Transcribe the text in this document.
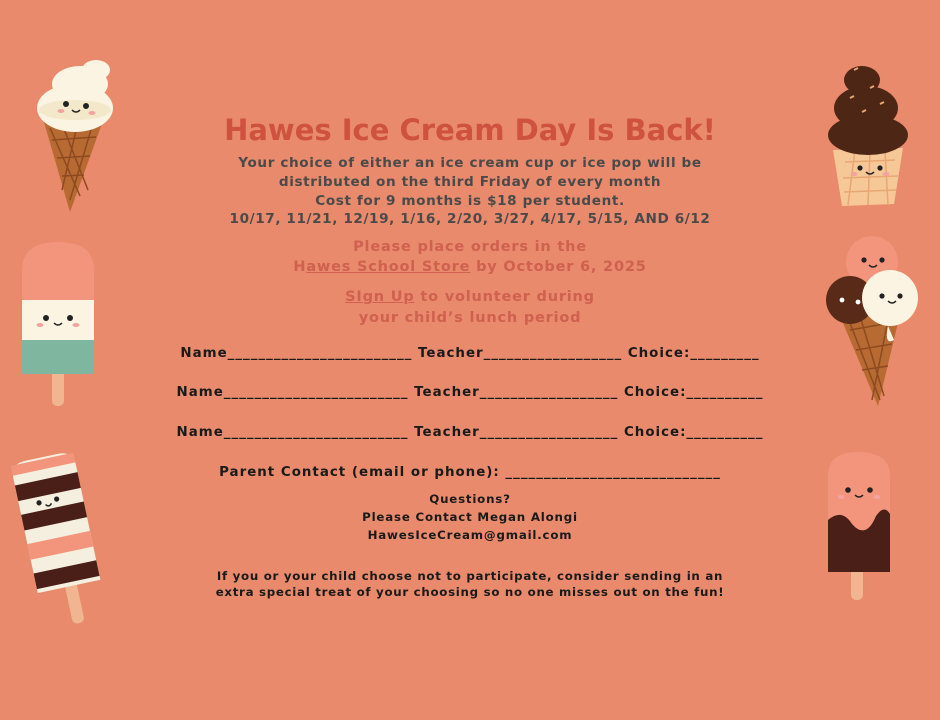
Hawes Ice Cream Day Is Back!
Your choice of either an ice cream cup or ice pop will be
distributed on the third Friday of every month
Cost for 9 months is $18 per student.
10/17, 11/21, 12/19, 1/16, 2/20, 3/27, 4/17, 5/15, AND 6/12
Please place orders in the
Hawes School Store by October 6, 2025
SIgn Up to volunteer during
your child’s lunch period
Name________________________ Teacher__________________ Choice:_________
Name________________________ Teacher__________________ Choice:__________
Name________________________ Teacher__________________ Choice:__________
Parent Contact (email or phone): ____________________________
Questions?
Please Contact Megan Alongi
HawesIceCream@gmail.com
If you or your child choose not to participate, consider sending in an
extra special treat of your choosing so no one misses out on the fun!
